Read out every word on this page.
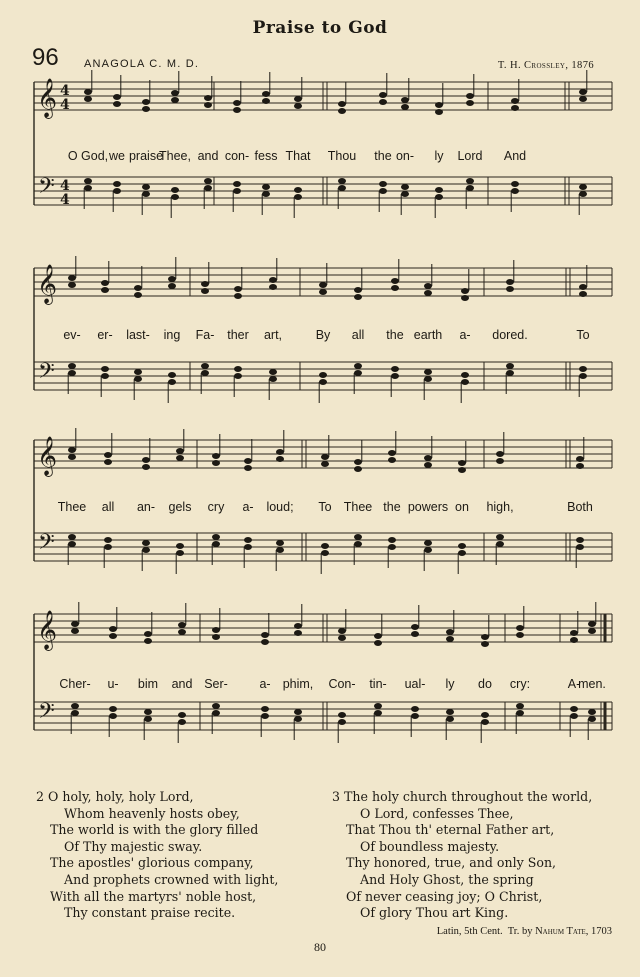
Praise to God
96 ANAGOLA C. M. D.	T. H. Crossley, 1876
𝄞
𝄢
4
4
4
4
𝄞
𝄢
𝄞
𝄢
𝄞
𝄢
O God, we praise
Thee, and con- fess That Thou the on- ly Lord And
ev- er- last- ing Fa- ther art,	By all the earth a- dored.	To
Thee all an- gels cry a- loud; To Thee the powers on high,	Both
Cher- u- bim and Ser-	a- phim, Con- tin- ual- ly do cry:	A-
men.
2 O holy, holy, holy Lord,
Whom heavenly hosts obey,
The world is with the glory filled
Of Thy majestic sway.
The apostles' glorious company,
And prophets crowned with light,
With all the martyrs' noble host,
Thy constant praise recite.
3 The holy church throughout the world,
O Lord, confesses Thee,
That Thou th' eternal Father art,
Of boundless majesty.
Thy honored, true, and only Son,
And Holy Ghost, the spring
Of never ceasing joy; O Christ,
Of glory Thou art King.
Latin, 5th Cent. Tr. by Nahum Tate, 1703
80
